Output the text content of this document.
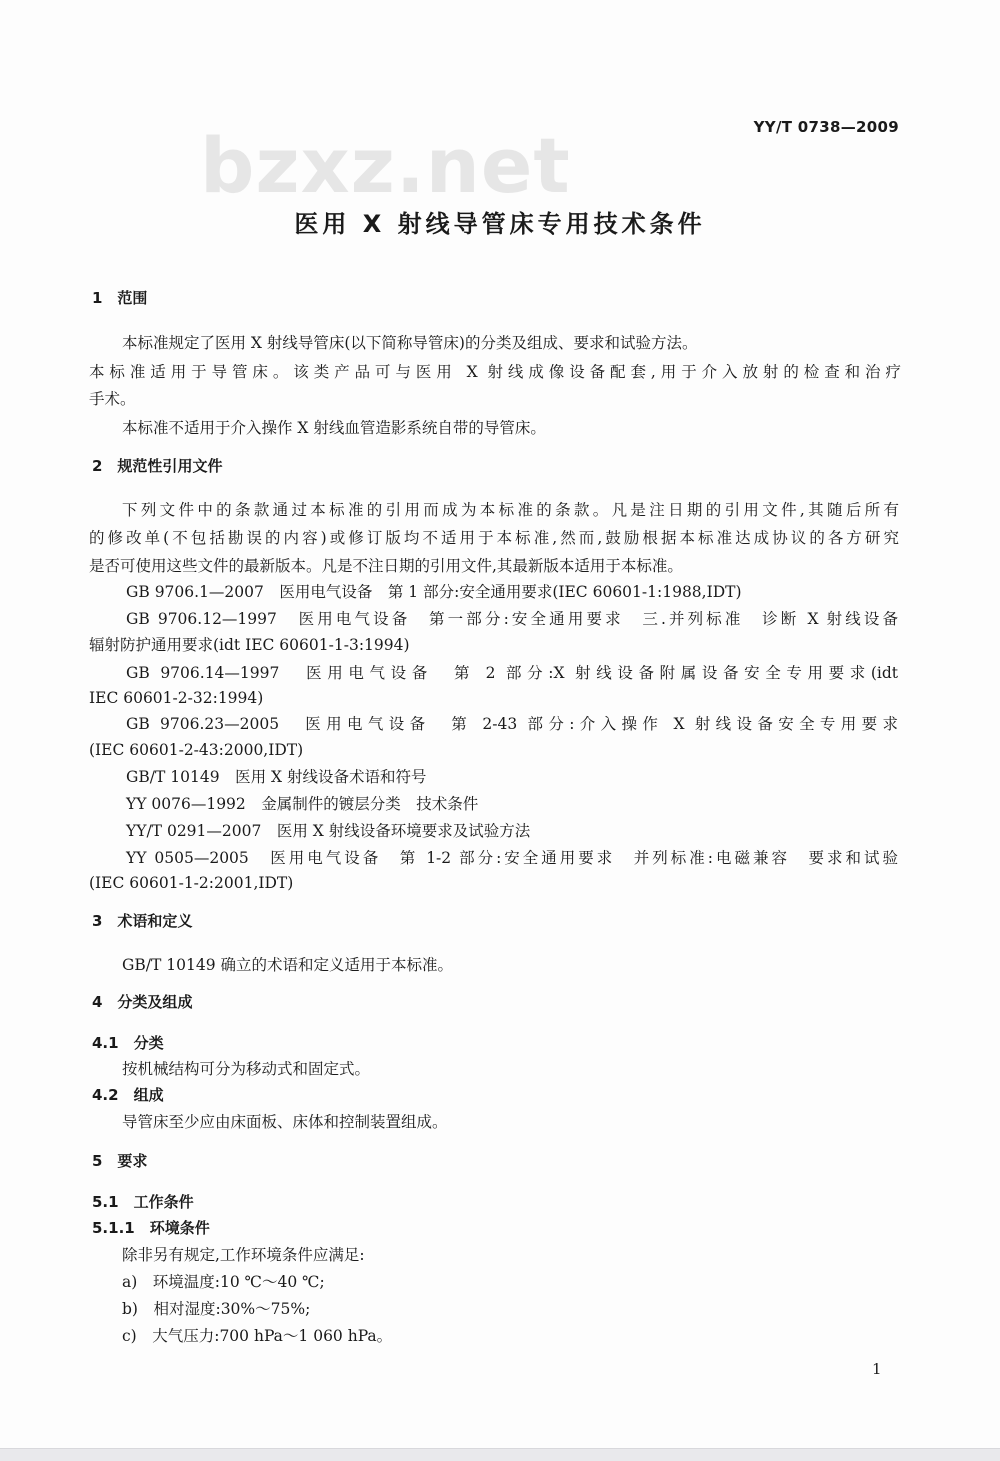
YY/T 0738—2009
bzxz.net
医用 X 射线导管床专用技术条件
1　范围
本标准规定了医用 X 射线导管床(以下简称导管床)的分类及组成、要求和试验方法。
本标准适用于导管床。该类产品可与医用 X 射线成像设备配套,用于介入放射的检查和治疗
手术。
本标准不适用于介入操作 X 射线血管造影系统自带的导管床。
2　规范性引用文件
下列文件中的条款通过本标准的引用而成为本标准的条款。凡是注日期的引用文件,其随后所有
的修改单(不包括勘误的内容)或修订版均不适用于本标准,然而,鼓励根据本标准达成协议的各方研究
是否可使用这些文件的最新版本。凡是不注日期的引用文件,其最新版本适用于本标准。
GB 9706.1—2007　医用电气设备　第 1 部分:安全通用要求(IEC 60601-1:1988,IDT)
GB 9706.12—1997　医用电气设备　第一部分:安全通用要求　三.并列标准　诊断 X 射线设备
辐射防护通用要求(idt IEC 60601-1-3:1994)
GB 9706.14—1997　医用电气设备　第 2 部分:X 射线设备附属设备安全专用要求(idt
IEC 60601-2-32:1994)
GB 9706.23—2005　医用电气设备　第 2-43 部分:介入操作 X 射线设备安全专用要求
(IEC 60601-2-43:2000,IDT)
GB/T 10149　医用 X 射线设备术语和符号
YY 0076—1992　金属制件的镀层分类　技术条件
YY/T 0291—2007　医用 X 射线设备环境要求及试验方法
YY 0505—2005　医用电气设备　第 1-2 部分:安全通用要求　并列标准:电磁兼容　要求和试验
(IEC 60601-1-2:2001,IDT)
3　术语和定义
GB/T 10149 确立的术语和定义适用于本标准。
4　分类及组成
4.1　分类
按机械结构可分为移动式和固定式。
4.2　组成
导管床至少应由床面板、床体和控制装置组成。
5　要求
5.1　工作条件
5.1.1　环境条件
除非另有规定,工作环境条件应满足:
a)　环境温度:10 ℃～40 ℃;
b)　相对湿度:30%～75%;
c)　大气压力:700 hPa～1 060 hPa。
1
